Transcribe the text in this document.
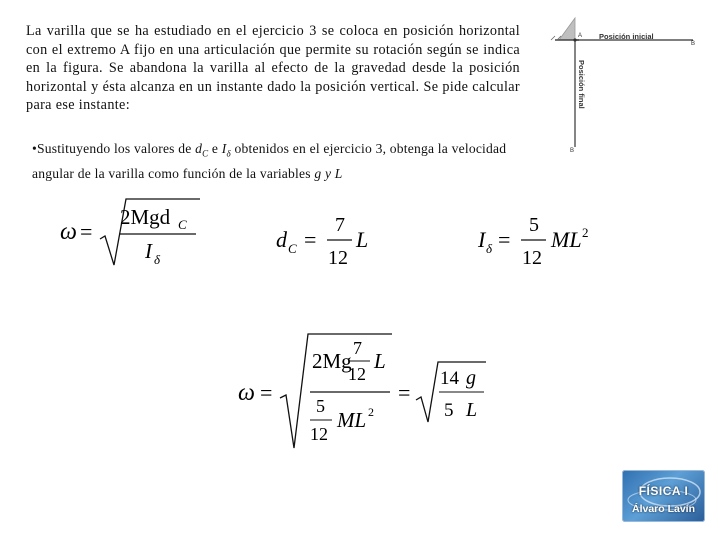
La varilla que se ha estudiado en el ejercicio 3 se coloca en posición horizontal con el extremo A fijo en una articulación que permite su rotación según se indica en la figura. Se abandona la varilla al efecto de la gravedad desde la posición horizontal y ésta alcanza en un instante dado la posición vertical. Se pide calcular para ese instante:
A Posición inicial
B
Posición final
B
•Sustituyendo los valores de $d_C$ e $I_\delta$ obtenidos en el ejercicio 3, obtenga la velocidad angular de la varilla como función de la variables g y L
ω =
2Mgd C
I δ
d C =
7
12
L	I δ =
5
12
ML 2
ω =
2Mg
7
12
L
5
12
ML 2
=
14 g
5 L
FÍSICA I
Álvaro Lavín
